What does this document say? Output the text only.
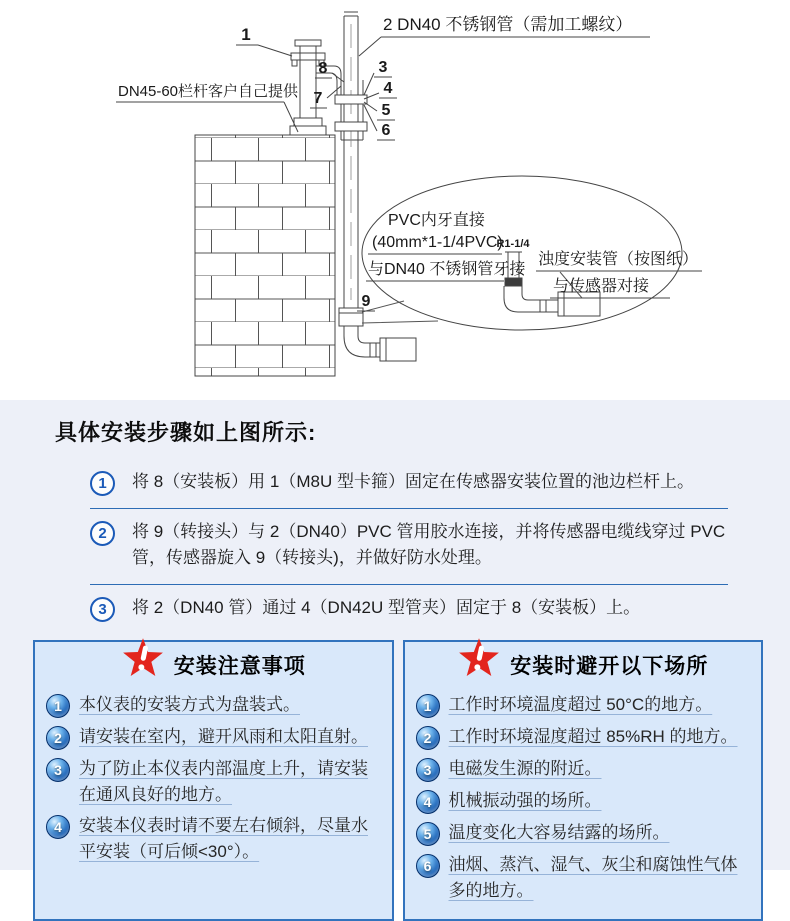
2 DN40 不锈钢管（需加工螺纹）
DN45-60栏杆客户自己提供
1
8
7
3
4
5
6
9
PVC内牙直接
(40mm*1-1/4PVC)
与DN40 不锈钢管牙接
R1-1/4
浊度安装管（按图纸）
与传感器对接
具体安装步骤如上图所示:
1	将 8（安装板）用 1（M8U 型卡箍）固定在传感器安装位置的池边栏杆上。

2	将 9（转接头）与 2（DN40）PVC 管用胶水连接，并将传感器电缆线穿过 PVC 管，传感器旋入 9（转接头)，并做好防水处理。

3	将 2（DN40 管）通过 4（DN42U 型管夹）固定于 8（安装板）上。

安装注意事项
1	本仪表的安装方式为盘装式。
2	请安装在室内，避开风雨和太阳直射。
3	为了防止本仪表内部温度上升，请安装在通风良好的地方。
4	安装本仪表时请不要左右倾斜，尽量水平安装（可后倾<30°）。
安装时避开以下场所
1	工作时环境温度超过 50°C的地方。
2	工作时环境湿度超过 85%RH 的地方。
3	电磁发生源的附近。
4	机械振动强的场所。
5	温度变化大容易结露的场所。
6	油烟、蒸汽、湿气、灰尘和腐蚀性气体多的地方。
